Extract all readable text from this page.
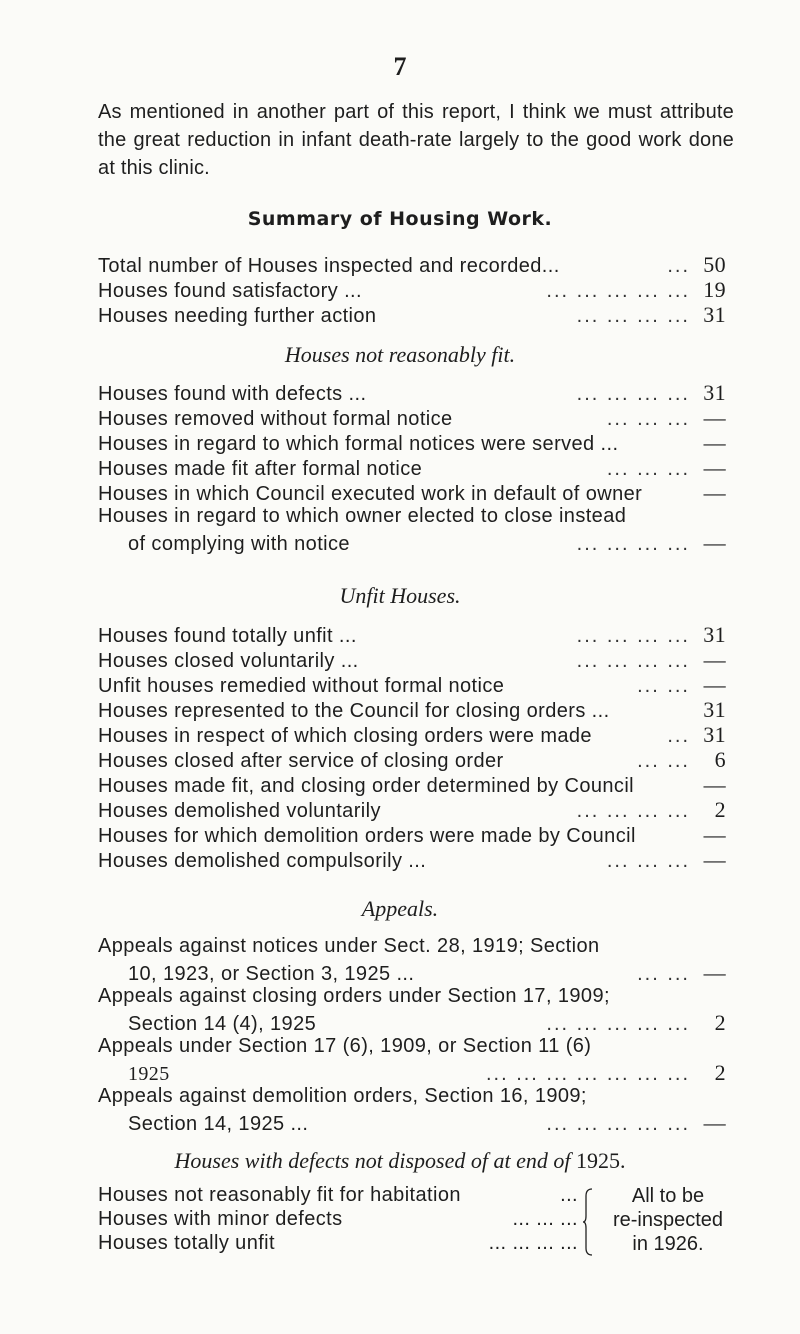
7
As mentioned in another part of this report, I think we must attribute the great reduction in infant death-rate largely to the good work done at this clinic.
Summary of Housing Work.
Total number of Houses inspected and recorded...	... 50
Houses found satisfactory ...	... ... ... ... ... 19
Houses needing further action	... ... ... ... 31
Houses not reasonably fit.
Houses found with defects ...	... ... ... ... 31
Houses removed without formal notice	... ... ... —
Houses in regard to which formal notices were served ...	—
Houses made fit after formal notice	... ... ... —
Houses in which Council executed work in default of owner	—
Houses in regard to which owner elected to close instead
of complying with notice	... ... ... ... —
Unfit Houses.
Houses found totally unfit ...	... ... ... ... 31
Houses closed voluntarily ...	... ... ... ... —
Unfit houses remedied without formal notice	... ... —
Houses represented to the Council for closing orders ...	31
Houses in respect of which closing orders were made	... 31
Houses closed after service of closing order	... ...	6
Houses made fit, and closing order determined by Council	—
Houses demolished voluntarily	... ... ... ...	2
Houses for which demolition orders were made by Council	—
Houses demolished compulsorily ...	... ... ... —
Appeals.
Appeals against notices under Sect. 28, 1919; Section
10, 1923, or Section 3, 1925 ...	... ... —
Appeals against closing orders under Section 17, 1909;
Section 14 (4), 1925	... ... ... ... ...	2
Appeals under Section 17 (6), 1909, or Section 11 (6)
1925	... ... ... ... ... ... ...	2
Appeals against demolition orders, Section 16, 1909;
Section 14, 1925 ...	... ... ... ... ... —
Houses with defects not disposed of at end of 1925.
Houses not reasonably fit for habitation	...
Houses with minor defects	... ... ...
Houses totally unfit	... ... ... ...
All to be
re-inspected
in 1926.
